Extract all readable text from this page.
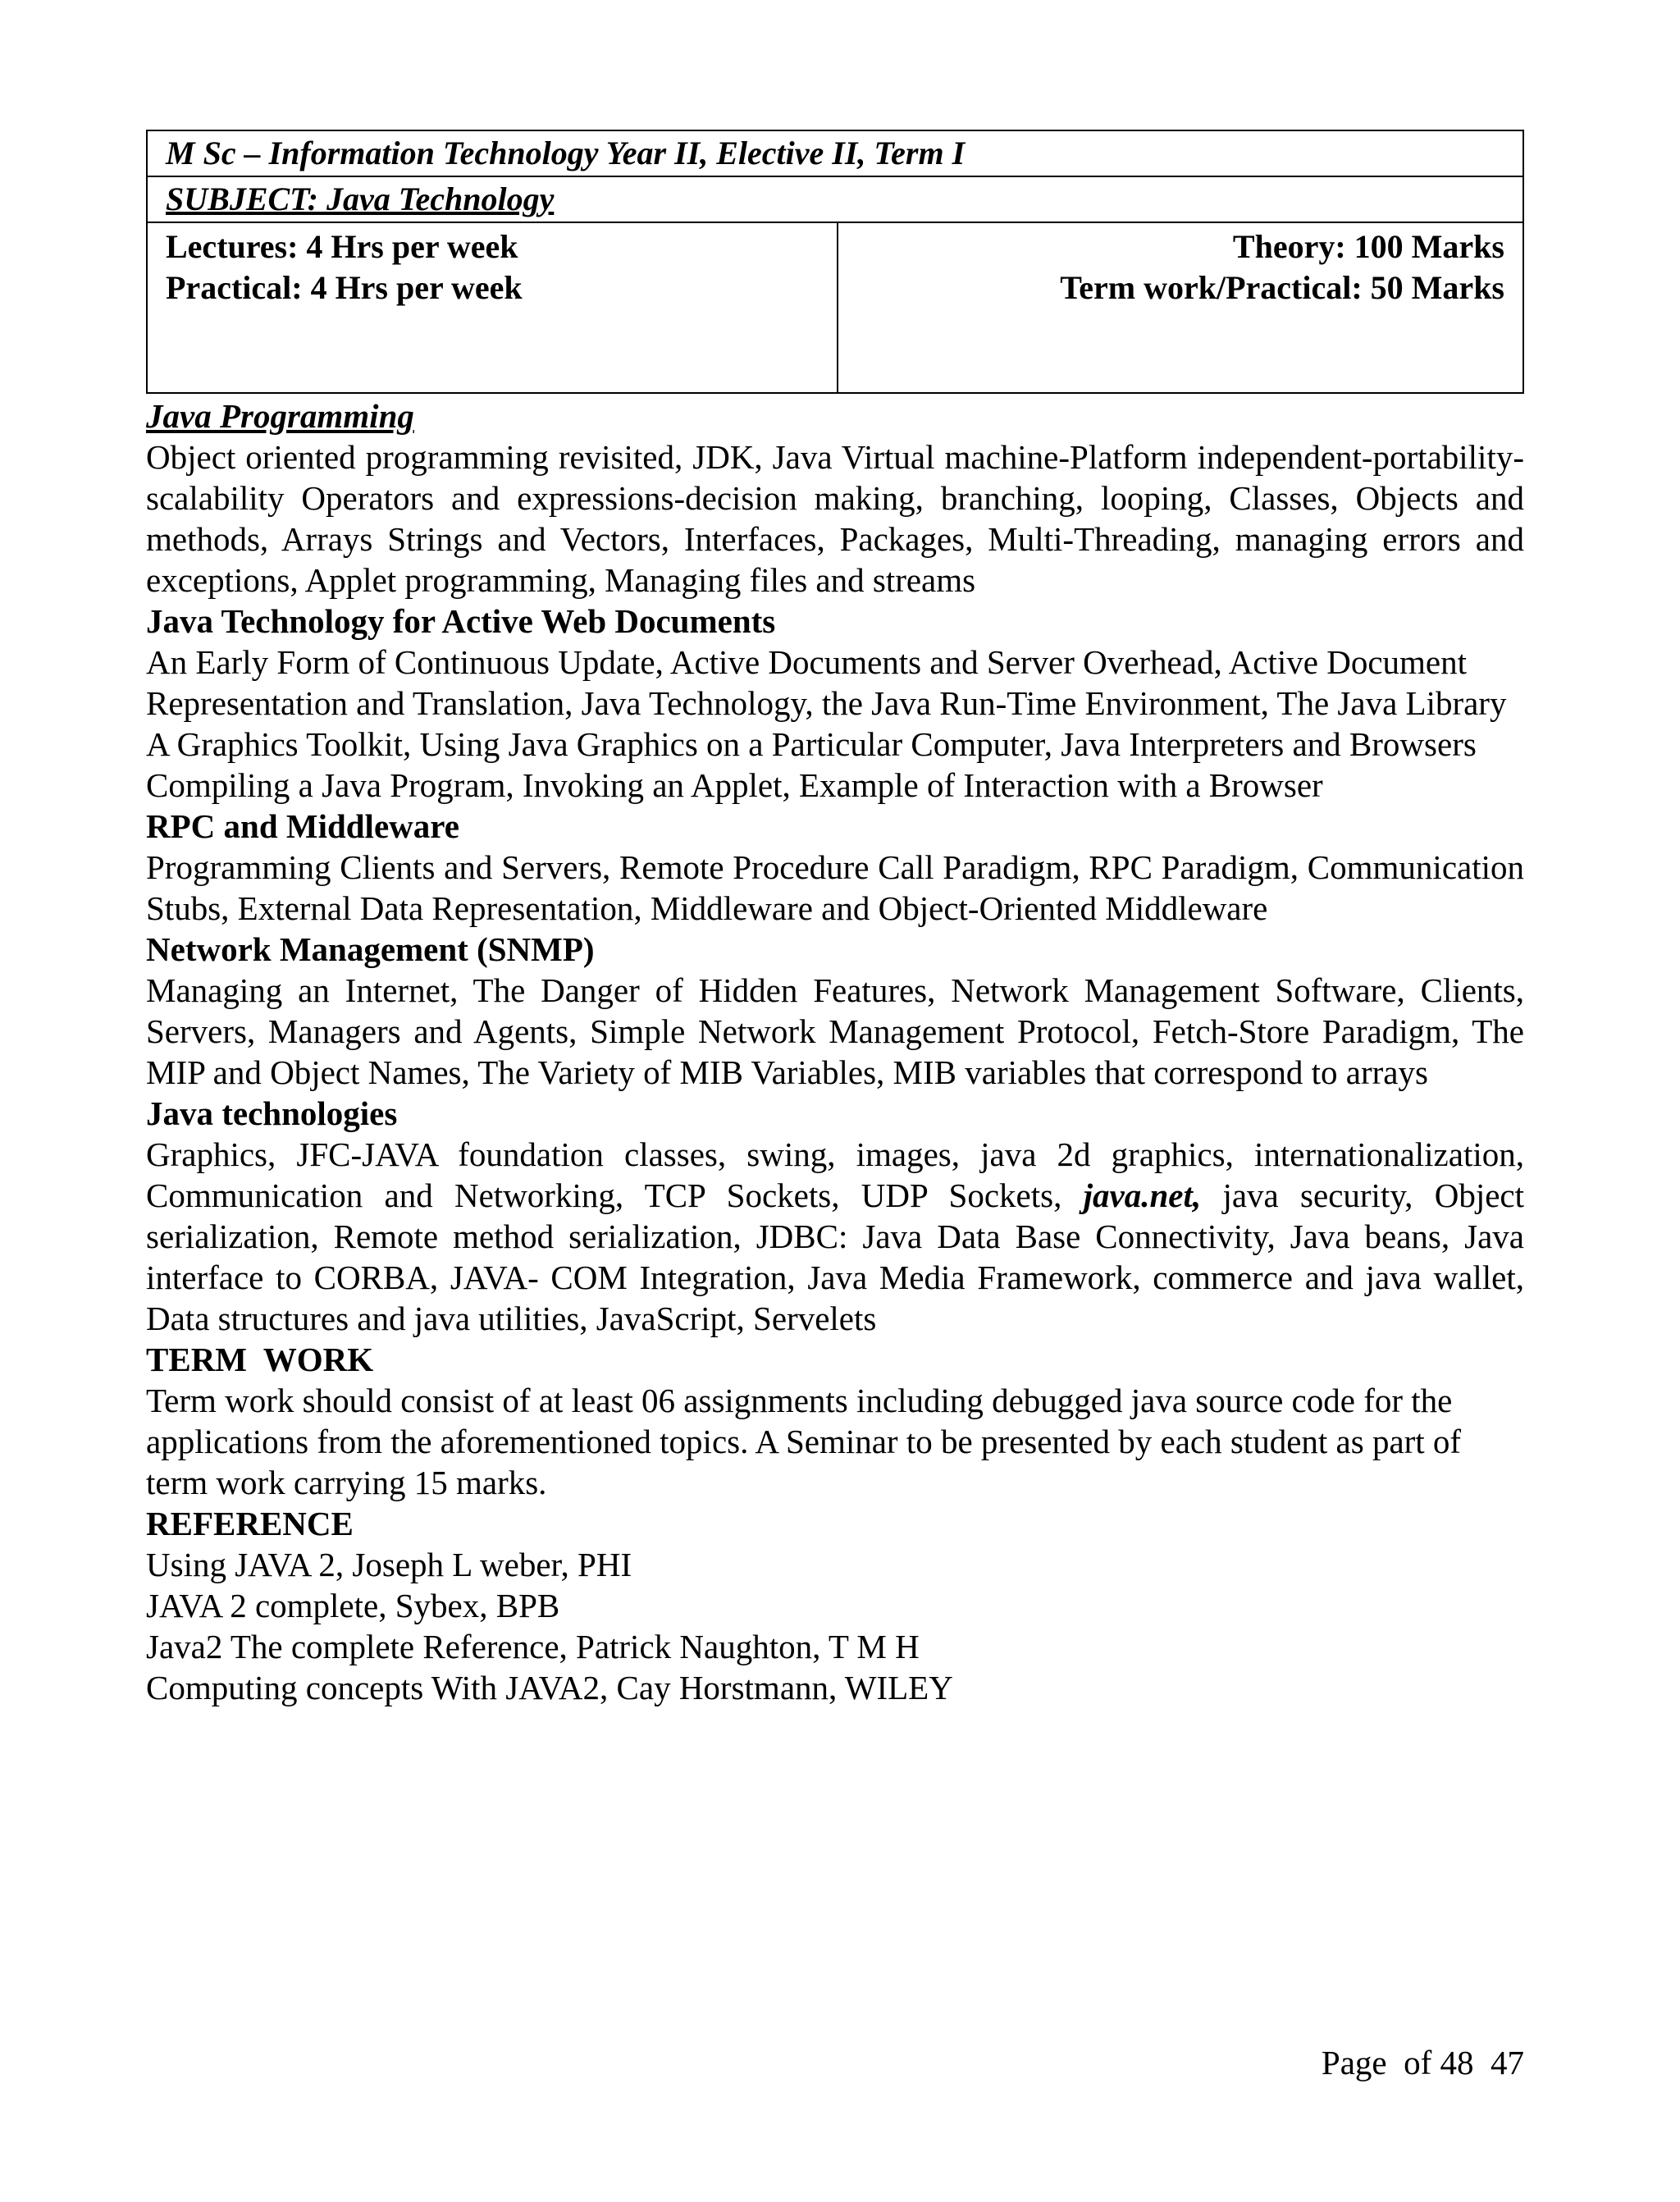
M Sc – Information Technology Year II, Elective II, Term I
SUBJECT: Java Technology

Lectures: 4 Hrs per week
Practical: 4 Hrs per week

Theory: 100 Marks
Term work/Practical: 50 Marks
Java Programming
Object oriented programming revisited, JDK, Java Virtual machine-Platform independent-portability-scalability Operators and expressions-decision making, branching, looping, Classes, Objects and methods, Arrays Strings and Vectors, Interfaces, Packages, Multi-Threading, managing errors and exceptions, Applet programming, Managing files and streams
Java Technology for Active Web Documents
An Early Form of Continuous Update, Active Documents and Server Overhead, Active Document Representation and Translation, Java Technology, the Java Run-Time Environment, The Java Library
A Graphics Toolkit, Using Java Graphics on a Particular Computer, Java Interpreters and Browsers
Compiling a Java Program, Invoking an Applet, Example of Interaction with a Browser
RPC and Middleware
Programming Clients and Servers, Remote Procedure Call Paradigm, RPC Paradigm, Communication Stubs, External Data Representation, Middleware and Object-Oriented Middleware
Network Management (SNMP)
Managing an Internet, The Danger of Hidden Features, Network Management Software, Clients, Servers, Managers and Agents, Simple Network Management Protocol, Fetch-Store Paradigm, The MIP and Object Names, The Variety of MIB Variables, MIB variables that correspond to arrays
Java technologies
Graphics, JFC-JAVA foundation classes, swing, images, java 2d graphics, internationalization, Communication and Networking, TCP Sockets, UDP Sockets, java.net, java security, Object serialization, Remote method serialization, JDBC: Java Data Base Connectivity, Java beans, Java interface to CORBA, JAVA- COM Integration, Java Media Framework, commerce and java wallet, Data structures and java utilities, JavaScript, Servelets
TERM  WORK
Term work should consist of at least 06 assignments including debugged java source code for the applications from the aforementioned topics. A Seminar to be presented by each student as part of term work carrying 15 marks.
REFERENCE
Using JAVA 2, Joseph L weber, PHI
JAVA 2 complete, Sybex, BPB
Java2 The complete Reference, Patrick Naughton, T M H
Computing concepts With JAVA2, Cay Horstmann, WILEY
Page  of 48  47
